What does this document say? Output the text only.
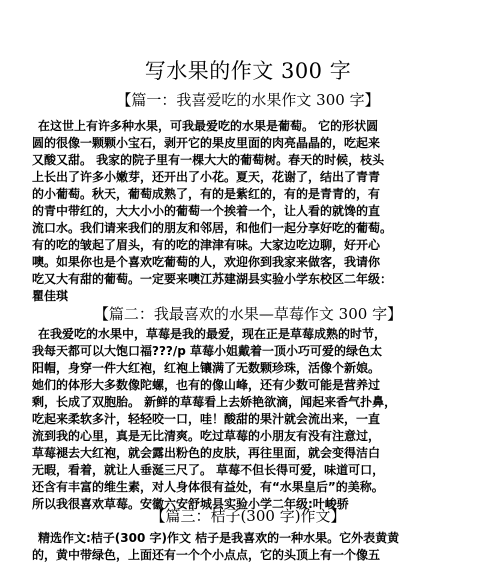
写水果的作文 300 字
【篇一：我喜爱吃的水果作文 300 字】
在这世上有许多种水果，可我最爱吃的水果是葡萄。 它的形状圆
圆的很像一颗颗小宝石，剥开它的果皮里面的肉亮晶晶的，吃起来
又酸又甜。 我家的院子里有一棵大大的葡萄树。春天的时候，枝头
上长出了许多小嫩芽，还开出了小花。夏天，花谢了，结出了青青
的小葡萄。秋天，葡萄成熟了，有的是紫红的，有的是青青的，有
的青中带红的，大大小小的葡萄一个挨着一个，让人看的就馋的直
流口水。我们请来我们的朋友和邻居，和他们一起分享好吃的葡萄。
有的吃的皱起了眉头，有的吃的津津有味。大家边吃边聊，好开心
噢。如果你也是个喜欢吃葡萄的人，欢迎你到我家来做客，我请你
吃又大有甜的葡萄。一定要来噢江苏建湖县实验小学东校区二年级：
瞿佳琪
【篇二：我最喜欢的水果—草莓作文 300 字】
在我爱吃的水果中，草莓是我的最爱，现在正是草莓成熟的时节，
我每天都可以大饱口福???/p 草莓小姐戴着一顶小巧可爱的绿色太
阳帽，身穿一件大红袍，红袍上镶满了无数颗珍珠，活像个新娘。
她们的体形大多数像陀螺，也有的像山峰，还有少数可能是营养过
剩，长成了双胞胎。 新鲜的草莓看上去娇艳欲滴，闻起来香气扑鼻，
吃起来柔软多汁，轻轻咬一口，哇！酸甜的果汁就会流出来，一直
流到我的心里，真是无比清爽。吃过草莓的小朋友有没有注意过，
草莓褪去大红袍，就会露出粉色的皮肤，再往里面，就会变得洁白
无暇，看着，就让人垂涎三尺了。 草莓不但长得可爱，味道可口，
还含有丰富的维生素，对人身体很有益处，有“水果皇后”的美称。
所以我很喜欢草莓。安徽六安舒城县实验小学二年级:叶峻骄
【篇三：桔子(300 字)作文】
精选作文:桔子(300 字)作文 桔子是我喜欢的一种水果。它外表黄黄
的，黄中带绿色，上面还有一个个小点点，它的头顶上有一个像五
